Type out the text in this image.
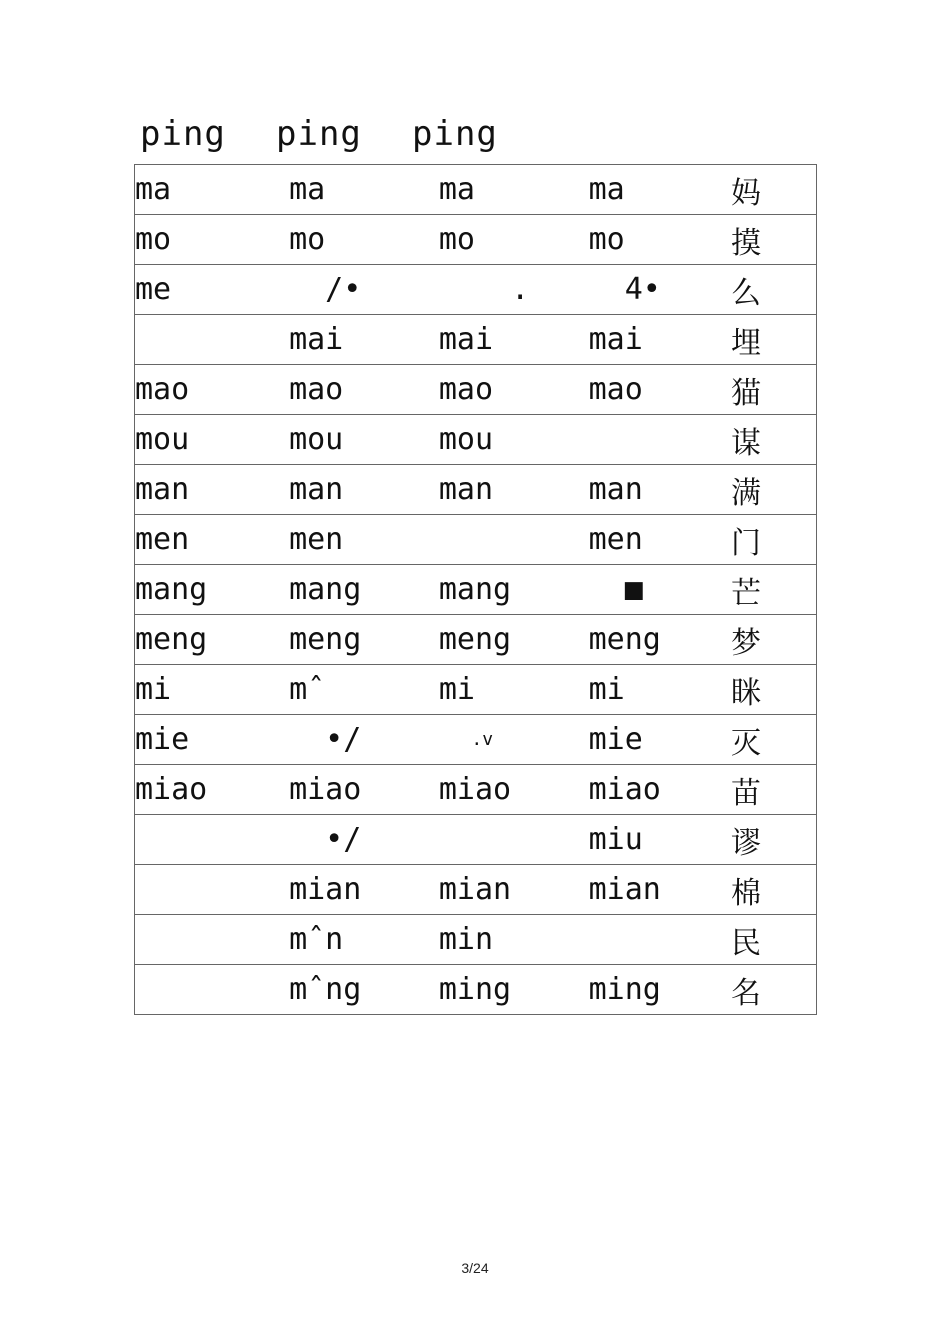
ping ping ping
ma	ma	ma	ma	妈
mo	mo	mo	mo	摸
me	/•	.	4•	么
	mai	mai	mai	埋
mao	mao	mao	mao	猫
mou	mou	mou		谋
man	man	man	man	满
men	men		men	门
mang	mang	mang	■	芒
meng	meng	meng	meng	梦
mi	mˆ	mi	mi	眯
mie	•/	.v	mie	灭
miao	miao	miao	miao	苗
	•/		miu	谬
	mian	mian	mian	棉
	mˆn	min		民
	mˆng	ming	ming	名
3/24
